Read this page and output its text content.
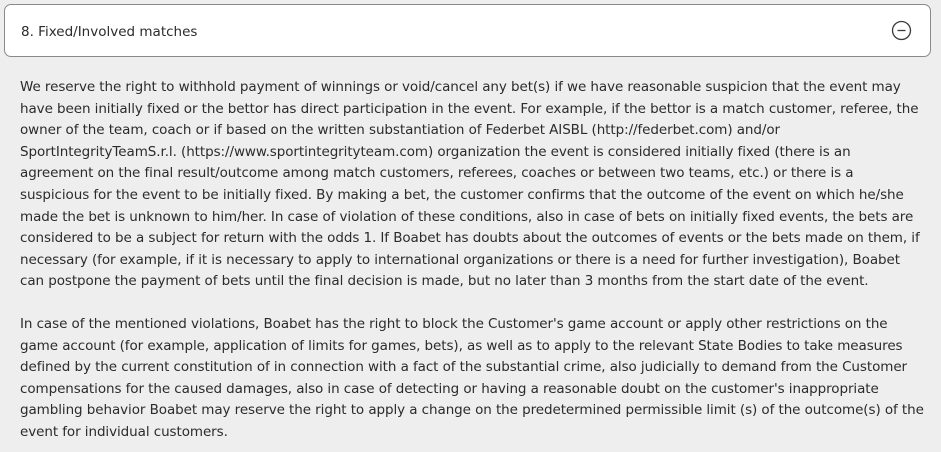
8. Fixed/Involved matches

We reserve the right to withhold payment of winnings or void/cancel any bet(s) if we have reasonable suspicion that the event may have been initially fixed or the bettor has direct participation in the event. For example, if the bettor is a match customer, referee, the owner of the team, coach or if based on the written substantiation of Federbet AISBL (http://federbet.com) and/or SportIntegrityTeamS.r.l. (https://www.sportintegrityteam.com) organization the event is considered initially fixed (there is an agreement on the final result/outcome among match customers, referees, coaches or between two teams, etc.) or there is a suspicious for the event to be initially fixed. By making a bet, the customer confirms that the outcome of the event on which he/she made the bet is unknown to him/her. In case of violation of these conditions, also in case of bets on initially fixed events, the bets are considered to be a subject for return with the odds 1. If Boabet has doubts about the outcomes of events or the bets made on them, if necessary (for example, if it is necessary to apply to international organizations or there is a need for further investigation), Boabet can postpone the payment of bets until the final decision is made, but no later than 3 months from the start date of the event.

In case of the mentioned violations, Boabet has the right to block the Customer's game account or apply other restrictions on the game account (for example, application of limits for games, bets), as well as to apply to the relevant State Bodies to take measures defined by the current constitution of in connection with a fact of the substantial crime, also judicially to demand from the Customer compensations for the caused damages, also in case of detecting or having a reasonable doubt on the customer's inappropriate gambling behavior Boabet may reserve the right to apply a change on the predetermined permissible limit (s) of the outcome(s) of the event for individual customers.
